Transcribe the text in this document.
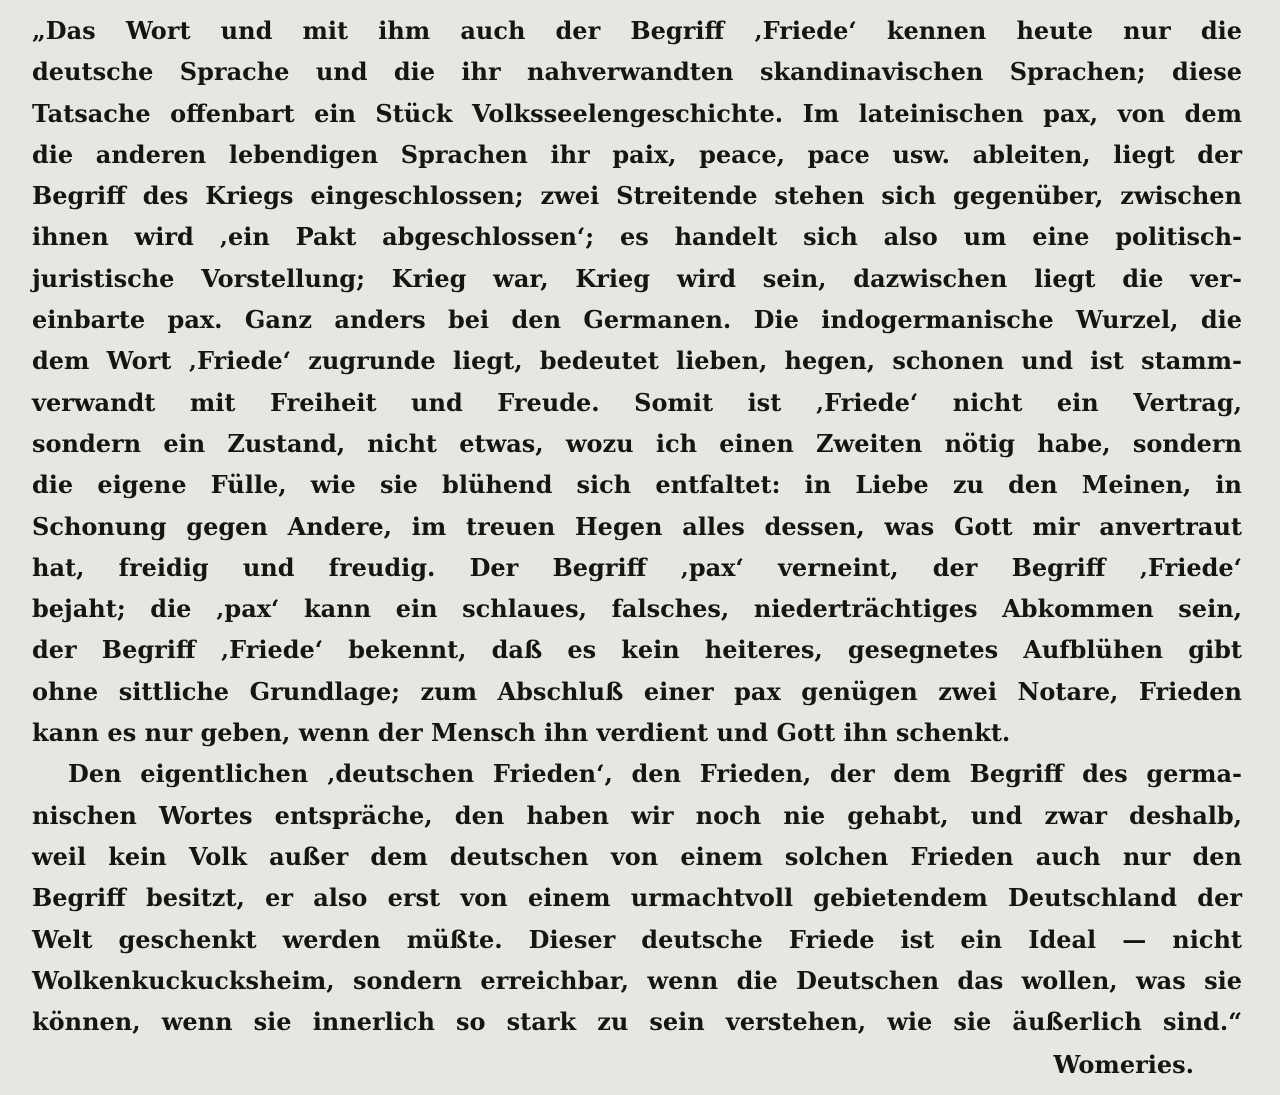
„Das Wort und mit ihm auch der Begriff ‚Friede‘ kennen heute nur die
deutsche Sprache und die ihr nahverwandten skandinavischen Sprachen; diese
Tatsache offenbart ein Stück Volksseelengeschichte. Im lateinischen pax, von dem
die anderen lebendigen Sprachen ihr paix, peace, pace usw. ableiten, liegt der
Begriff des Kriegs eingeschlossen; zwei Streitende stehen sich gegenüber, zwischen
ihnen wird ‚ein Pakt abgeschlossen‘; es handelt sich also um eine politisch-
juristische Vorstellung; Krieg war, Krieg wird sein, dazwischen liegt die ver-
einbarte pax. Ganz anders bei den Germanen. Die indogermanische Wurzel, die
dem Wort ‚Friede‘ zugrunde liegt, bedeutet lieben, hegen, schonen und ist stamm-
verwandt mit Freiheit und Freude. Somit ist ‚Friede‘ nicht ein Vertrag,
sondern ein Zustand, nicht etwas, wozu ich einen Zweiten nötig habe, sondern
die eigene Fülle, wie sie blühend sich entfaltet: in Liebe zu den Meinen, in
Schonung gegen Andere, im treuen Hegen alles dessen, was Gott mir anvertraut
hat, freidig und freudig. Der Begriff ‚pax‘ verneint, der Begriff ‚Friede‘
bejaht; die ‚pax‘ kann ein schlaues, falsches, niederträchtiges Abkommen sein,
der Begriff ‚Friede‘ bekennt, daß es kein heiteres, gesegnetes Aufblühen gibt
ohne sittliche Grundlage; zum Abschluß einer pax genügen zwei Notare, Frieden
kann es nur geben, wenn der Mensch ihn verdient und Gott ihn schenkt.
Den eigentlichen ‚deutschen Frieden‘, den Frieden, der dem Begriff des germa-
nischen Wortes entspräche, den haben wir noch nie gehabt, und zwar deshalb,
weil kein Volk außer dem deutschen von einem solchen Frieden auch nur den
Begriff besitzt, er also erst von einem urmachtvoll gebietendem Deutschland der
Welt geschenkt werden müßte. Dieser deutsche Friede ist ein Ideal — nicht
Wolkenkuckucksheim, sondern erreichbar, wenn die Deutschen das wollen, was sie
können, wenn sie innerlich so stark zu sein verstehen, wie sie äußerlich sind.“
Womeries.
